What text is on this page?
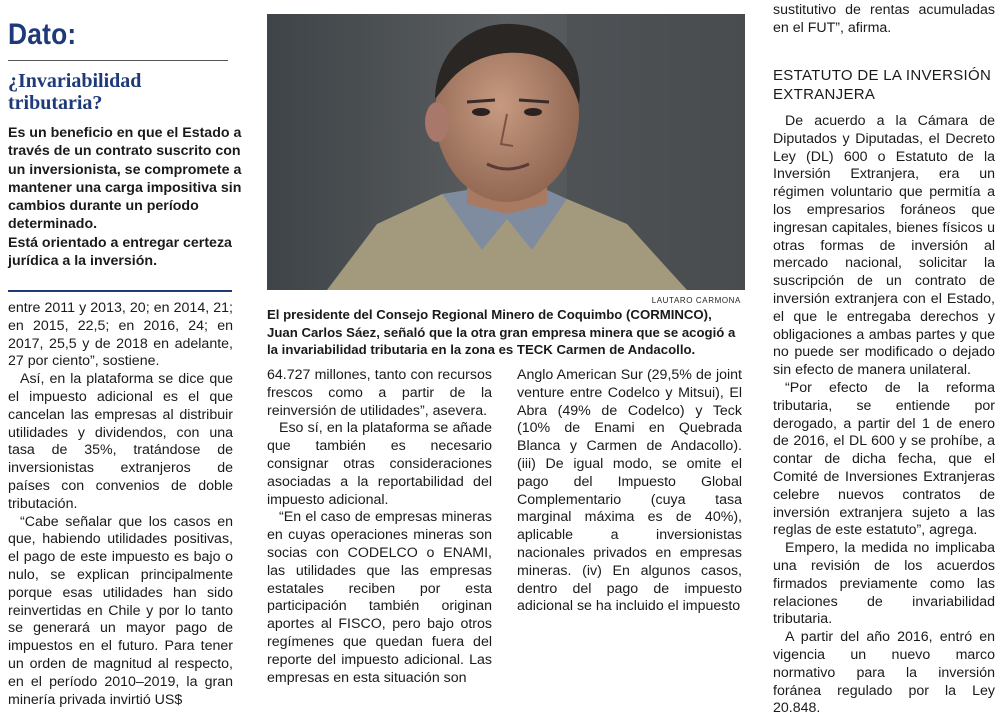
Dato:
¿Invariabilidad tributaria?

Es un beneficio en que el Estado a través de un contrato suscrito con un inversionista, se compromete a mantener una carga impositiva sin cambios durante un período determinado.

Está orientado a entregar certeza jurídica a la inversión.

LAUTARO CARMONA
El presidente del Consejo Regional Minero de Coquimbo (CORMINCO), Juan Carlos Sáez, señaló que la otra gran empresa minera que se acogió a la invariabilidad tributaria en la zona es TECK Carmen de Andacollo.

entre 2011 y 2013, 20; en 2014, 21; en 2015, 22,5; en 2016, 24; en 2017, 25,5 y de 2018 en adelante, 27 por ciento”, sostiene.

Así, en la plataforma se dice que el impuesto adicional es el que cancelan las empresas al distribuir utilidades y dividendos, con una tasa de 35%, tratándose de inversionistas extranjeros de países con convenios de doble tributación.

“Cabe señalar que los casos en que, habiendo utilidades positivas, el pago de este impuesto es bajo o nulo, se explican principalmente porque esas utilidades han sido reinvertidas en Chile y por lo tanto se generará un mayor pago de impuestos en el futuro. Para tener un orden de magnitud al respecto, en el período 2010–2019, la gran minería privada invirtió US$

64.727 millones, tanto con recursos frescos como a partir de la reinversión de utilidades”, asevera.

Eso sí, en la plataforma se añade que también es necesario consignar otras consideraciones asociadas a la reportabilidad del impuesto adicional.

“En el caso de empresas mineras en cuyas operaciones mineras son socias con CODELCO o ENAMI, las utilidades que las empresas estatales reciben por esta participación también originan aportes al FISCO, pero bajo otros regímenes que quedan fuera del reporte del impuesto adicional. Las empresas en esta situación son

Anglo American Sur (29,5% de joint venture entre Codelco y Mitsui), El Abra (49% de Codelco) y Teck (10% de Enami en Quebrada Blanca y Carmen de Andacollo). (iii) De igual modo, se omite el pago del Impuesto Global Complementario (cuya tasa marginal máxima es de 40%), aplicable a inversionistas nacionales privados en empresas mineras. (iv) En algunos casos, dentro del pago de impuesto adicional se ha incluido el impuesto

sustitutivo de rentas acumuladas en el FUT”, afirma.
ESTATUTO DE LA INVERSIÓN EXTRANJERA

De acuerdo a la Cámara de Diputados y Diputadas, el Decreto Ley (DL) 600 o Estatuto de la Inversión Extranjera, era un régimen voluntario que permitía a los empresarios foráneos que ingresan capitales, bienes físicos u otras formas de inversión al mercado nacional, solicitar la suscripción de un contrato de inversión extranjera con el Estado, el que le entregaba derechos y obligaciones a ambas partes y que no puede ser modificado o dejado sin efecto de manera unilateral.

“Por efecto de la reforma tributaria, se entiende por derogado, a partir del 1 de enero de 2016, el DL 600 y se prohíbe, a contar de dicha fecha, que el Comité de Inversiones Extranjeras celebre nuevos contratos de inversión extranjera sujeto a las reglas de este estatuto”, agrega.

Empero, la medida no implicaba una revisión de los acuerdos firmados previamente como las relaciones de invariabilidad tributaria.

A partir del año 2016, entró en vigencia un nuevo marco normativo para la inversión foránea regulado por la Ley 20.848.
